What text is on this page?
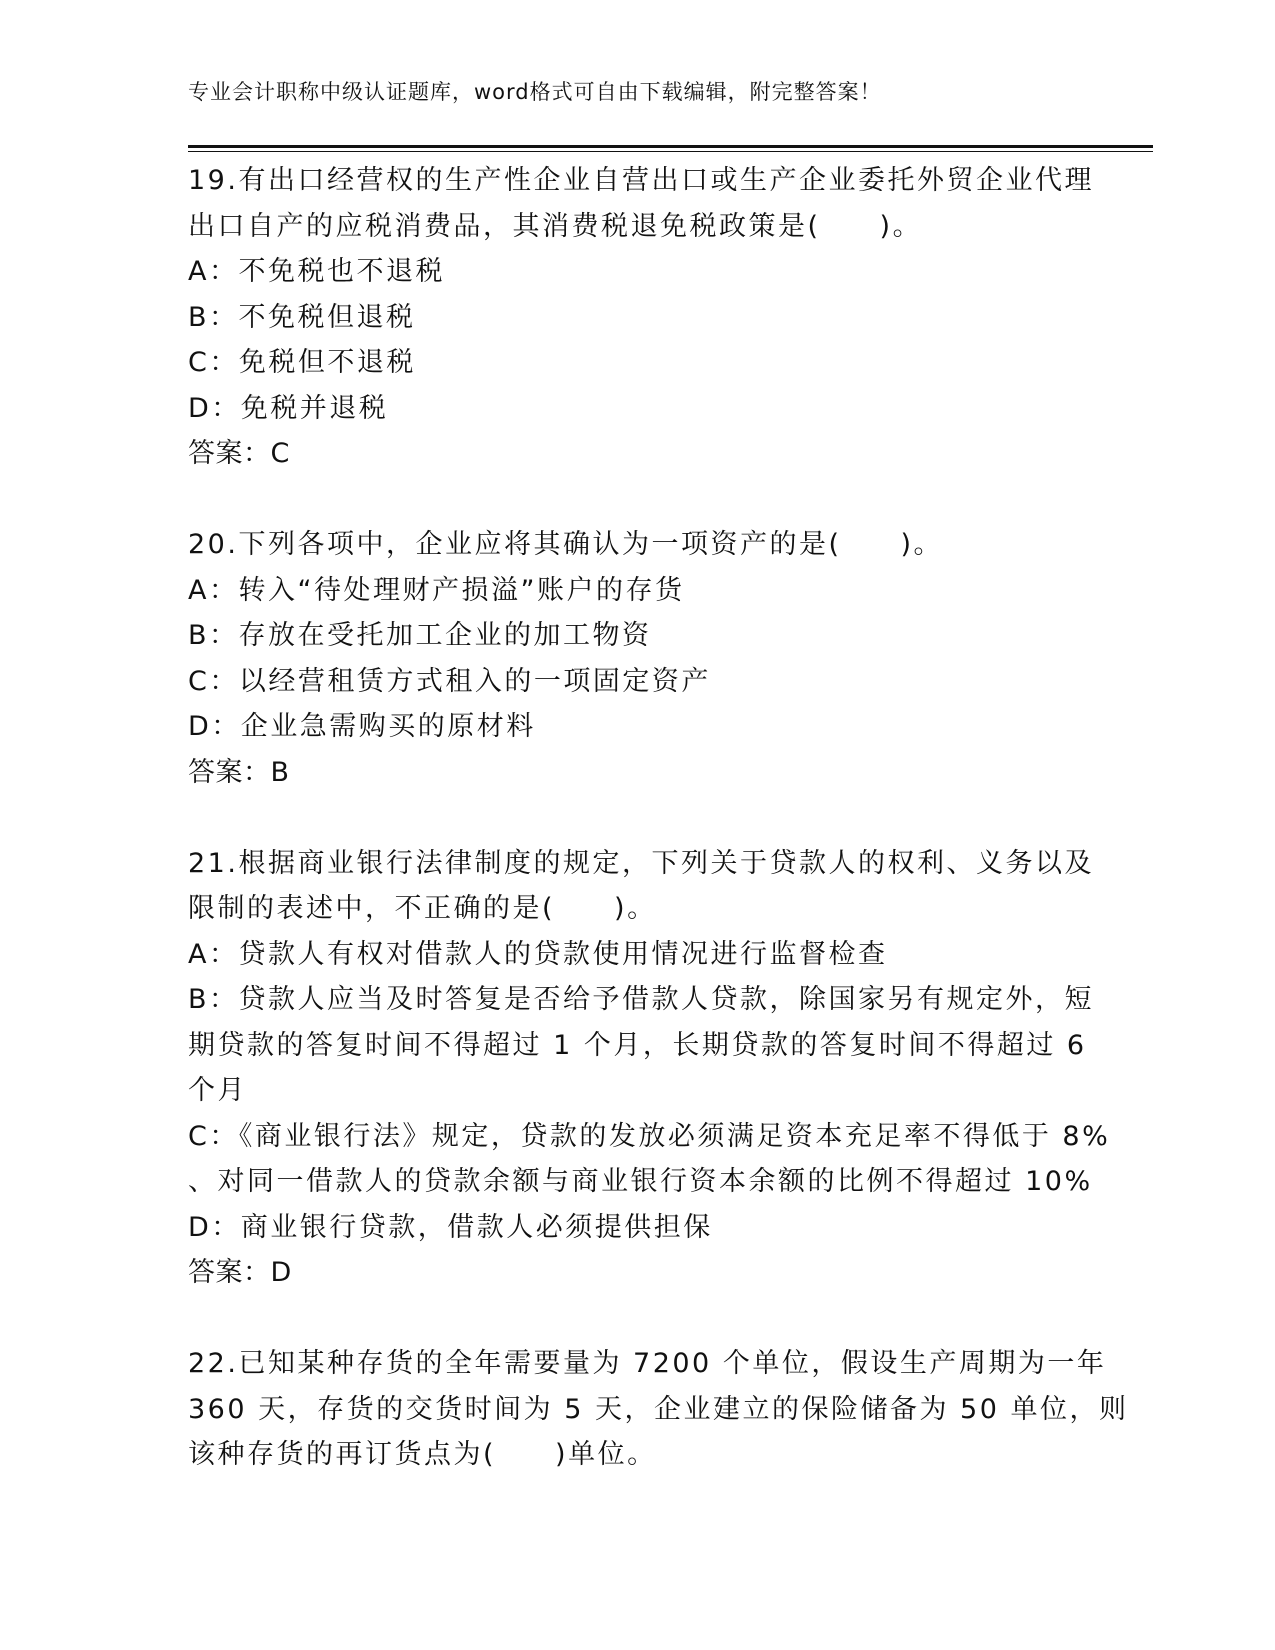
专业会计职称中级认证题库，word格式可自由下载编辑，附完整答案！
19.有出口经营权的生产性企业自营出口或生产企业委托外贸企业代理
出口自产的应税消费品，其消费税退免税政策是(　　)。
A：不免税也不退税
B：不免税但退税
C：免税但不退税
D：免税并退税
答案：C
20.下列各项中，企业应将其确认为一项资产的是(　　)。
A：转入“待处理财产损溢”账户的存货
B：存放在受托加工企业的加工物资
C：以经营租赁方式租入的一项固定资产
D：企业急需购买的原材料
答案：B
21.根据商业银行法律制度的规定，下列关于贷款人的权利、义务以及
限制的表述中，不正确的是(　　)。
A：贷款人有权对借款人的贷款使用情况进行监督检查
B：贷款人应当及时答复是否给予借款人贷款，除国家另有规定外，短
期贷款的答复时间不得超过 1 个月，长期贷款的答复时间不得超过 6
个月
C：《商业银行法》规定，贷款的发放必须满足资本充足率不得低于 8%
、对同一借款人的贷款余额与商业银行资本余额的比例不得超过 10%
D：商业银行贷款，借款人必须提供担保
答案：D
22.已知某种存货的全年需要量为 7200 个单位，假设生产周期为一年
360 天，存货的交货时间为 5 天，企业建立的保险储备为 50 单位，则
该种存货的再订货点为(　　)单位。
